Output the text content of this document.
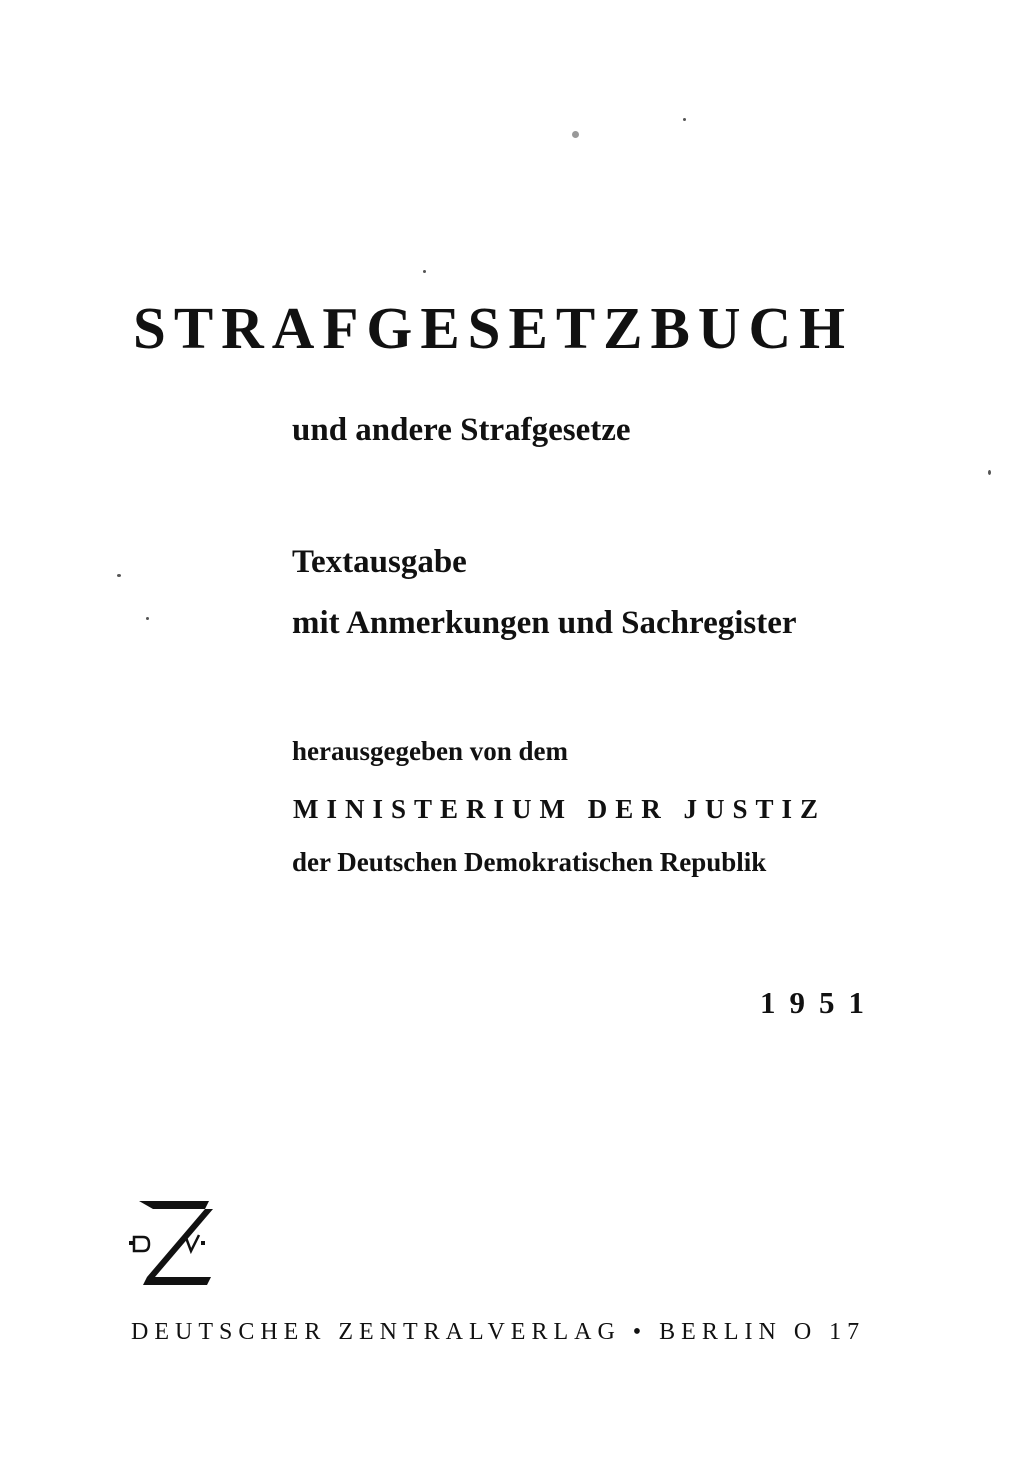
STRAFGESETZBUCH

und andere Strafgesetze

Textausgabe

mit Anmerkungen und Sachregister

herausgegeben von dem

MINISTERIUM DER JUSTIZ

der Deutschen Demokratischen Republik

1951

DEUTSCHER ZENTRALVERLAG • BERLIN O 17
